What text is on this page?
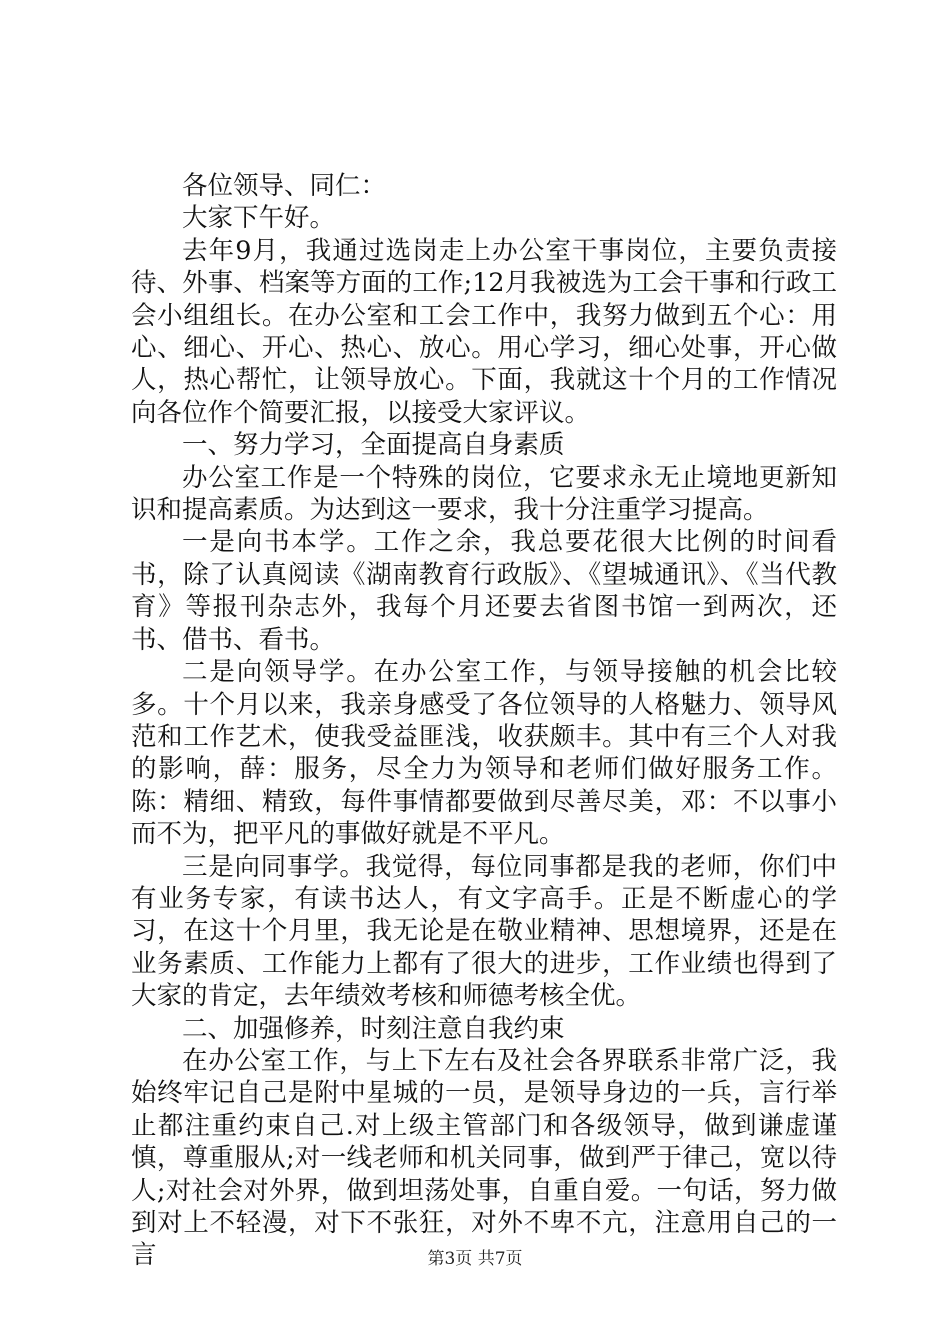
各位领导、同仁：

大家下午好。

去年9月，我通过选岗走上办公室干事岗位，主要负责接待、外事、档案等方面的工作;12月我被选为工会干事和行政工会小组组长。在办公室和工会工作中，我努力做到五个心：用心、细心、开心、热心、放心。用心学习，细心处事，开心做人，热心帮忙，让领导放心。下面，我就这十个月的工作情况向各位作个简要汇报，以接受大家评议。

一、努力学习，全面提高自身素质

办公室工作是一个特殊的岗位，它要求永无止境地更新知识和提高素质。为达到这一要求，我十分注重学习提高。

一是向书本学。工作之余，我总要花很大比例的时间看书，除了认真阅读《湖南教育行政版》、《望城通讯》、《当代教育》等报刊杂志外，我每个月还要去省图书馆一到两次，还书、借书、看书。

二是向领导学。在办公室工作，与领导接触的机会比较多。十个月以来，我亲身感受了各位领导的人格魅力、领导风范和工作艺术，使我受益匪浅，收获颇丰。其中有三个人对我的影响，薛：服务，尽全力为领导和老师们做好服务工作。陈：精细、精致，每件事情都要做到尽善尽美，邓：不以事小而不为，把平凡的事做好就是不平凡。

三是向同事学。我觉得，每位同事都是我的老师，你们中有业务专家，有读书达人，有文字高手。正是不断虚心的学习，在这十个月里，我无论是在敬业精神、思想境界，还是在业务素质、工作能力上都有了很大的进步，工作业绩也得到了大家的肯定，去年绩效考核和师德考核全优。

二、加强修养，时刻注意自我约束

在办公室工作，与上下左右及社会各界联系非常广泛，我始终牢记自己是附中星城的一员，是领导身边的一兵，言行举止都注重约束自己.对上级主管部门和各级领导，做到谦虚谨慎，尊重服从;对一线老师和机关同事，做到严于律己，宽以待人;对社会对外界，做到坦荡处事，自重自爱。一句话，努力做到对上不轻漫，对下不张狂，对外不卑不亢，注意用自己的一言	第3页 共7页
